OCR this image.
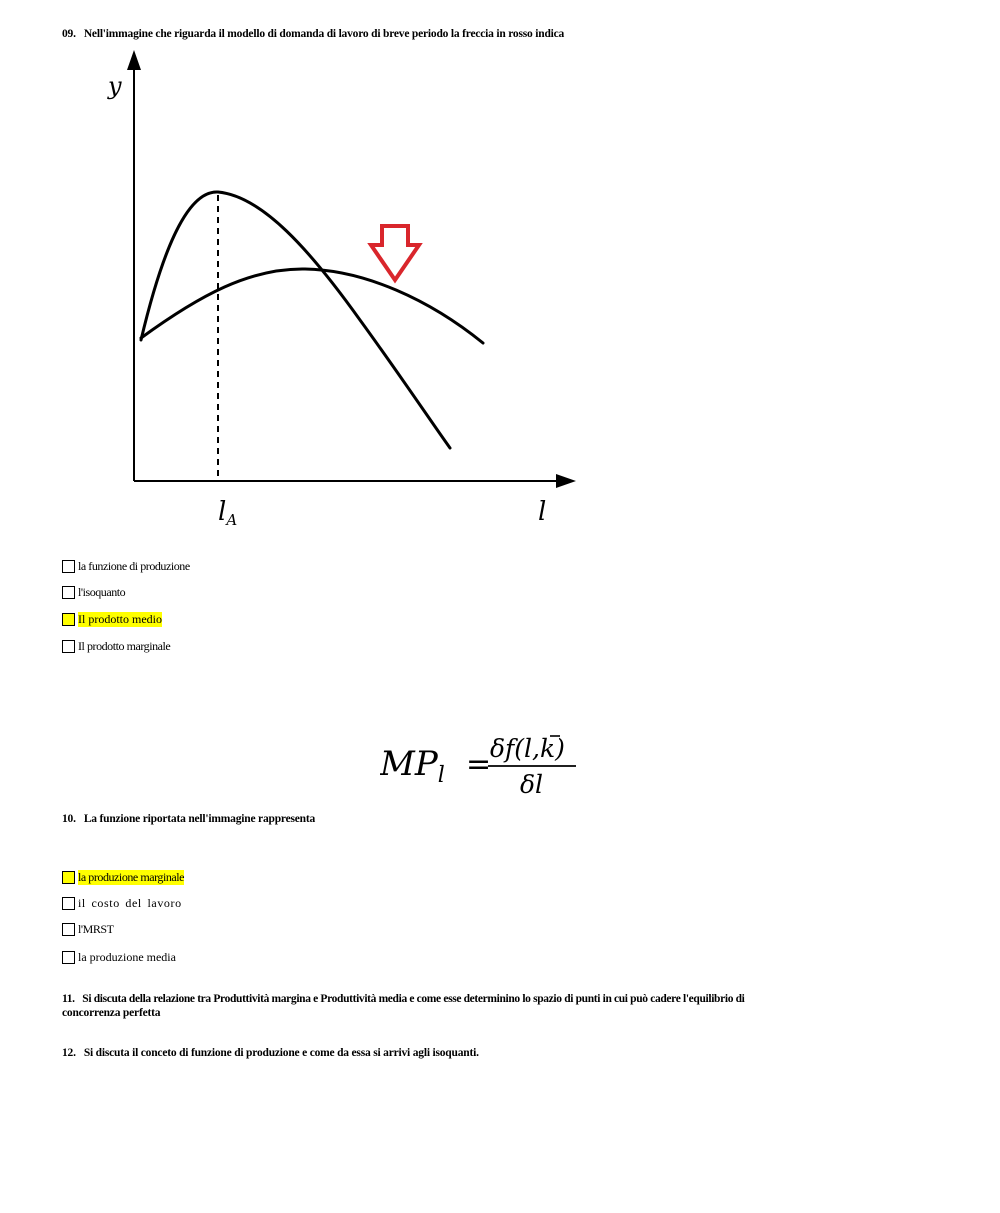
09. Nell'immagine che riguarda il modello di domanda di lavoro di breve periodo la freccia in rosso indica
y
l
lA
la funzione di produzione
l'isoquanto
Il prodotto medio
Il prodotto marginale
$MP_l$ =
δf(l,k)
δl
10. La funzione riportata nell'immagine rappresenta
la produzione marginale
il costo del lavoro
l'MRST
la produzione media
11. Si discuta della relazione tra Produttività margina e Produttività media e come esse determinino lo spazio di punti in cui può cadere l'equilibrio di
concorrenza perfetta
12. Si discuta il conceto di funzione di produzione e come da essa si arrivi agli isoquanti.
